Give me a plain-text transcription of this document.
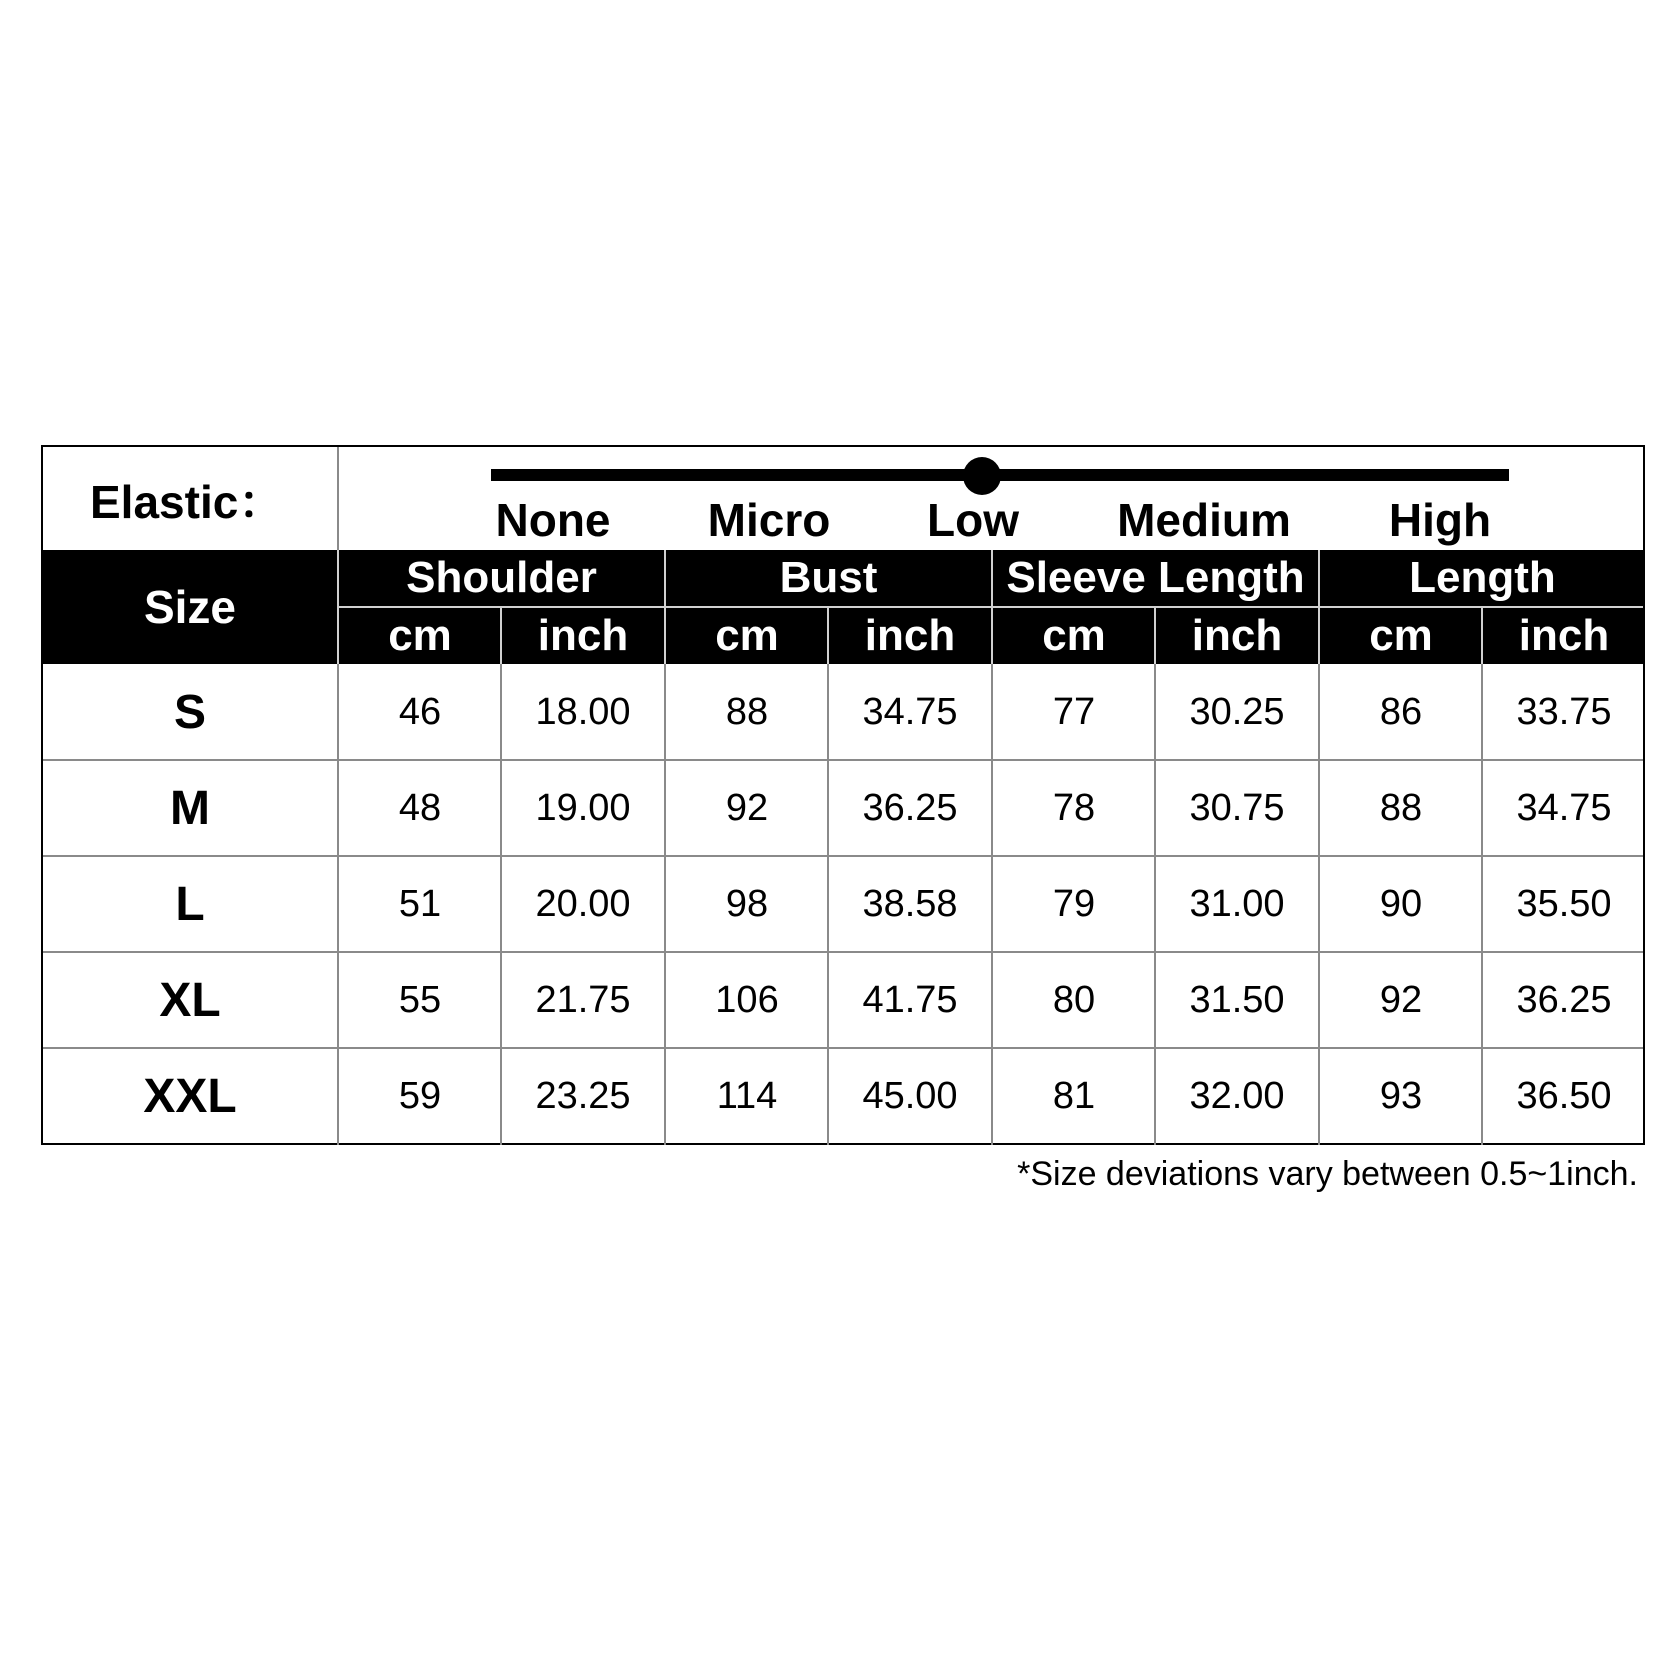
Elastic：	None Micro Low Medium High
Size
Shoulder	Bust	Sleeve Length	Length
cm	inch	cm	inch	cm	inch	cm	inch
S	46	18.00	88	34.75	77	30.25	86	33.75
M	48	19.00	92	36.25	78	30.75	88	34.75
L	51	20.00	98	38.58	79	31.00	90	35.50
XL	55	21.75	106	41.75	80	31.50	92	36.25
XXL	59	23.25	114	45.00	81	32.00	93	36.50
*Size deviations vary between 0.5~1inch.
